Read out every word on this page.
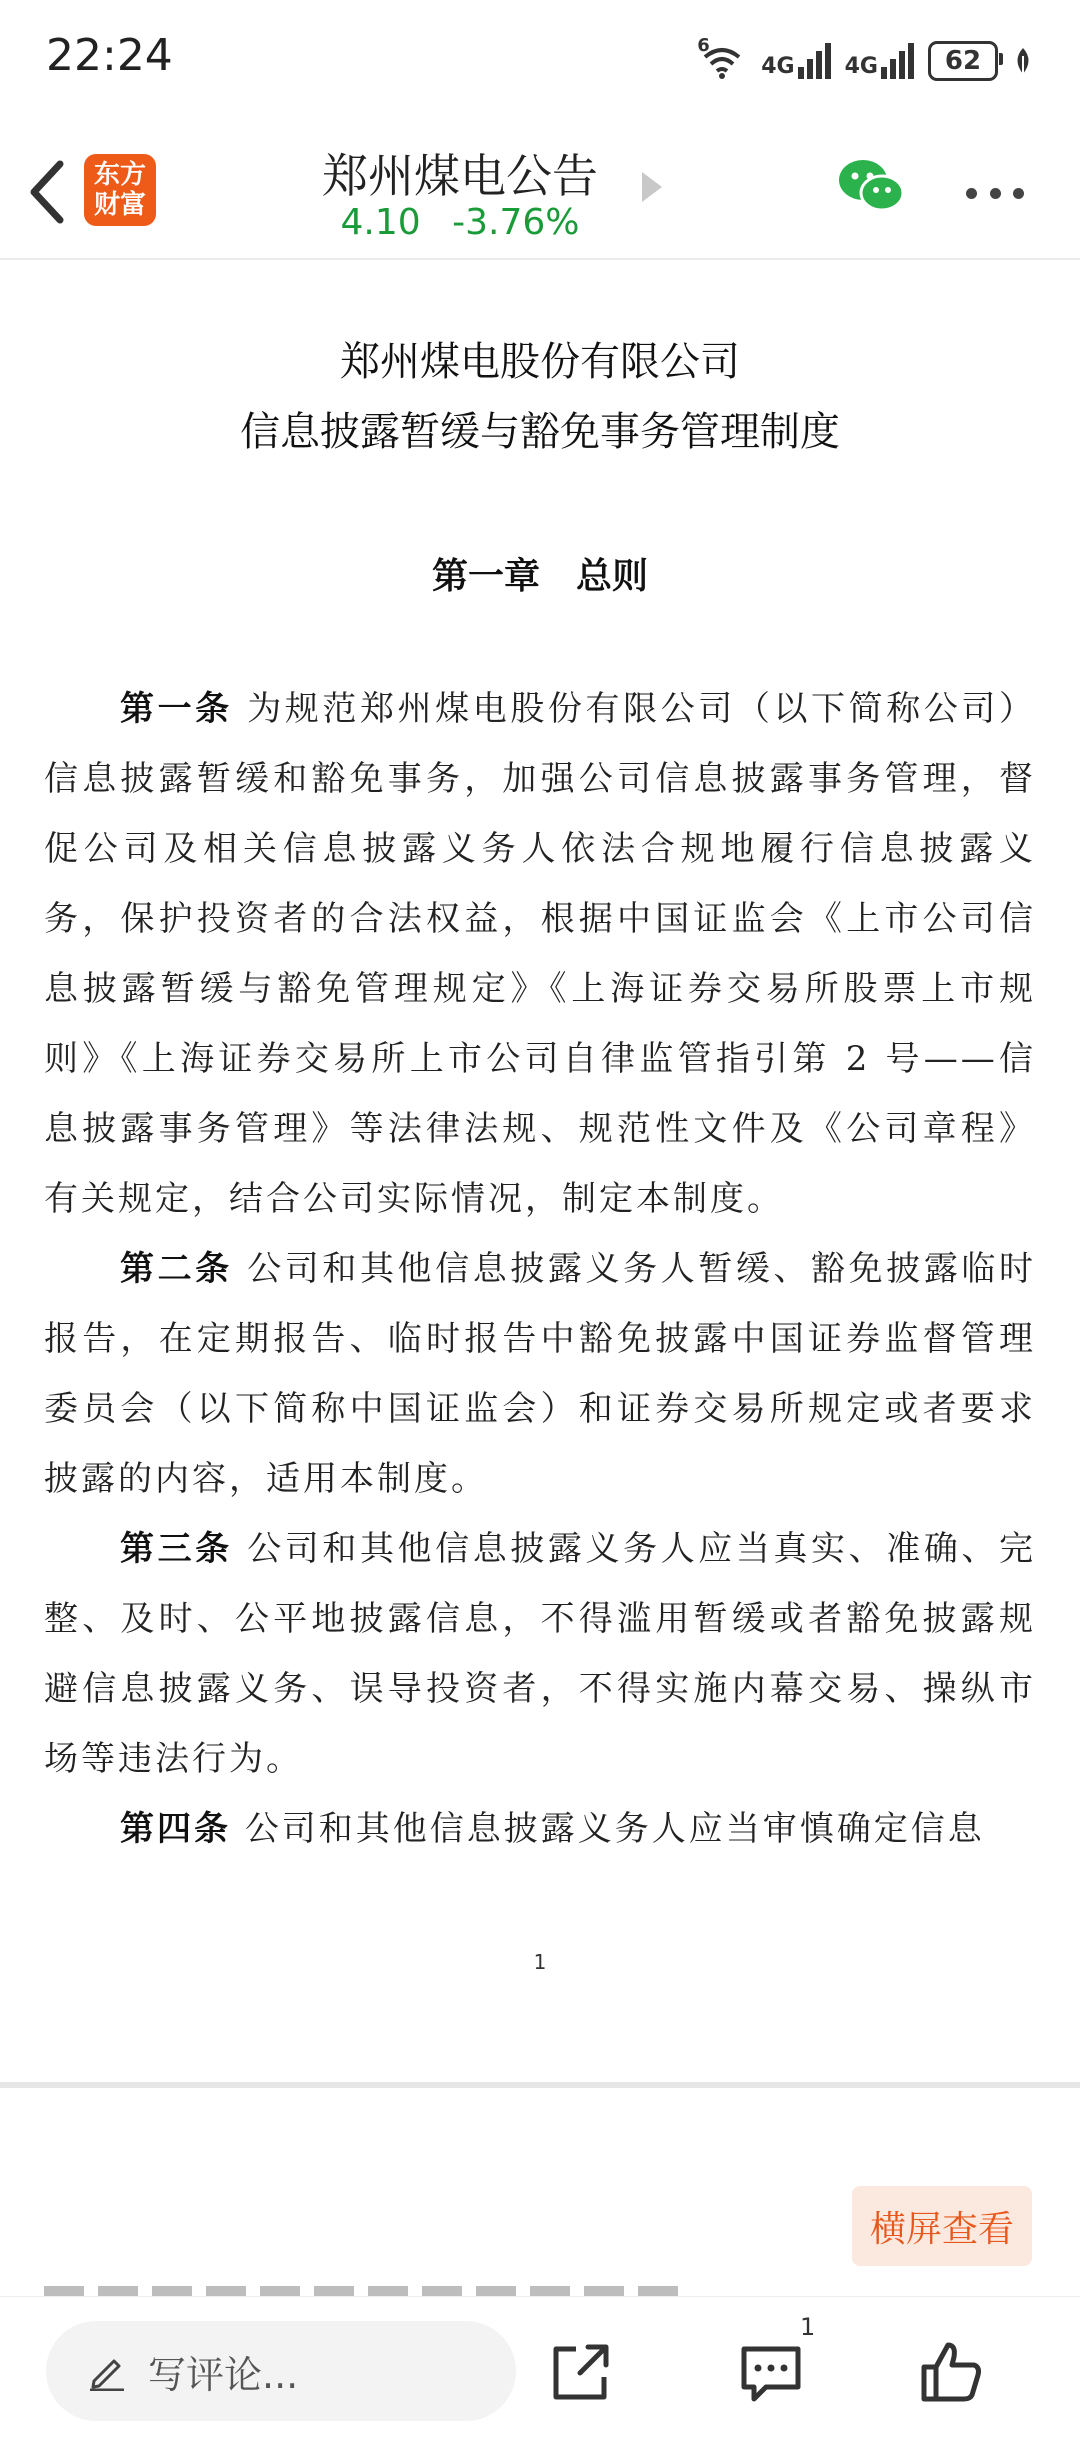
22:24	6
4G 4G	62
东方
财富
郑州煤电公告
4.10 -3.76%
郑州煤电股份有限公司
信息披露暂缓与豁免事务管理制度
第一章　总则

第一条 为规范郑州煤电股份有限公司（以下简称公司）信息披露暂缓和豁免事务，加强公司信息披露事务管理，督促公司及相关信息披露义务人依法合规地履行信息披露义务，保护投资者的合法权益，根据中国证监会《上市公司信息披露暂缓与豁免管理规定》《上海证券交易所股票上市规则》《上海证券交易所上市公司自律监管指引第 2 号——信息披露事务管理》等法律法规、规范性文件及《公司章程》有关规定，结合公司实际情况，制定本制度。

第二条 公司和其他信息披露义务人暂缓、豁免披露临时报告，在定期报告、临时报告中豁免披露中国证券监督管理委员会（以下简称中国证监会）和证券交易所规定或者要求披露的内容，适用本制度。

第三条 公司和其他信息披露义务人应当真实、准确、完整、及时、公平地披露信息，不得滥用暂缓或者豁免披露规避信息披露义务、误导投资者，不得实施内幕交易、操纵市场等违法行为。

第四条 公司和其他信息披露义务人应当审慎确定信息

1
横屏查看
写评论...
1
